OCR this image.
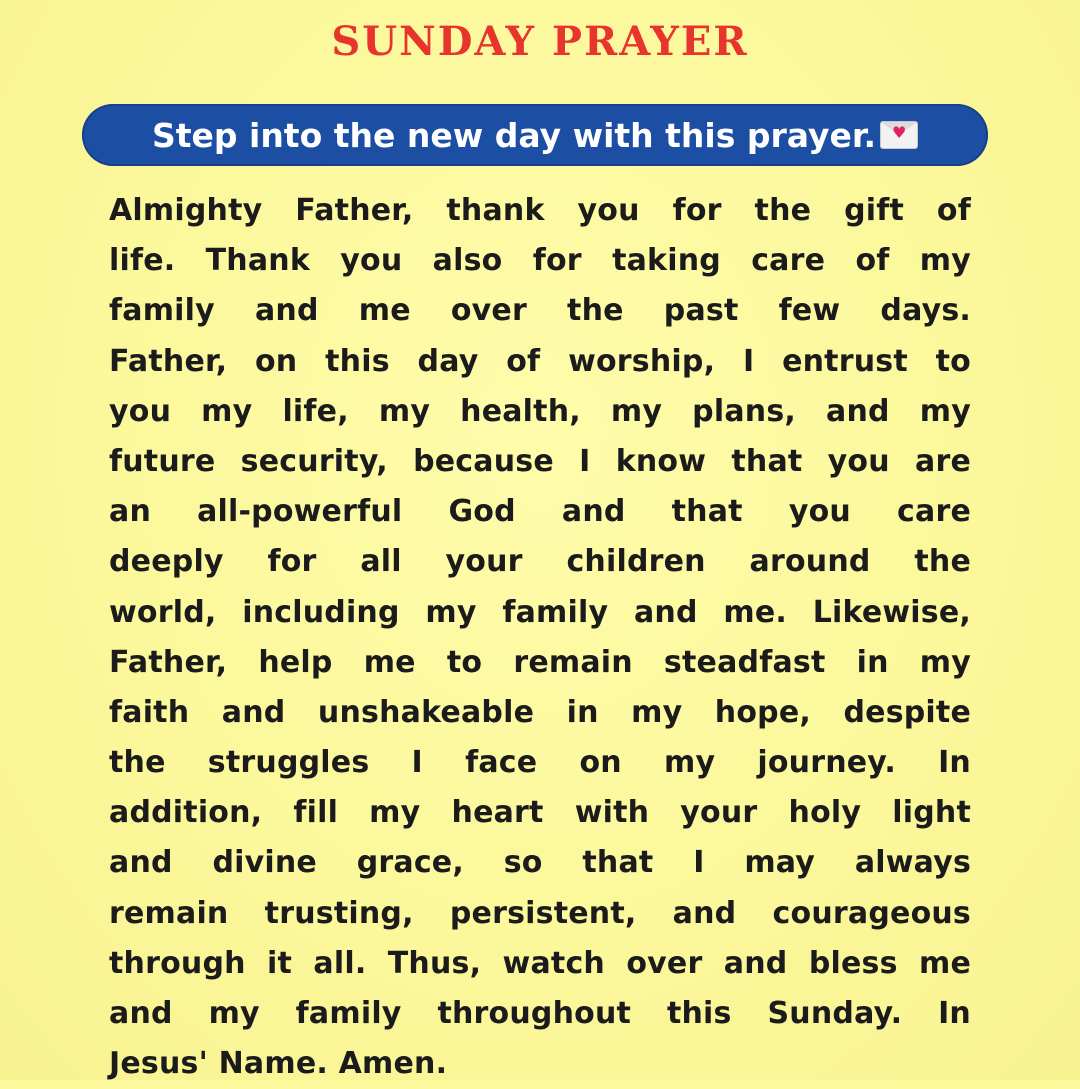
SUNDAY PRAYER
Step into the new day with this prayer. ♥
Almighty Father, thank you for the gift of
life. Thank you also for taking care of my
family and me over the past few days.
Father, on this day of worship, I entrust to
you my life, my health, my plans, and my
future security, because I know that you are
an all-powerful God and that you care
deeply for all your children around the
world, including my family and me. Likewise,
Father, help me to remain steadfast in my
faith and unshakeable in my hope, despite
the struggles I face on my journey. In
addition, fill my heart with your holy light
and divine grace, so that I may always
remain trusting, persistent, and courageous
through it all. Thus, watch over and bless me
and my family throughout this Sunday. In
Jesus' Name. Amen.
